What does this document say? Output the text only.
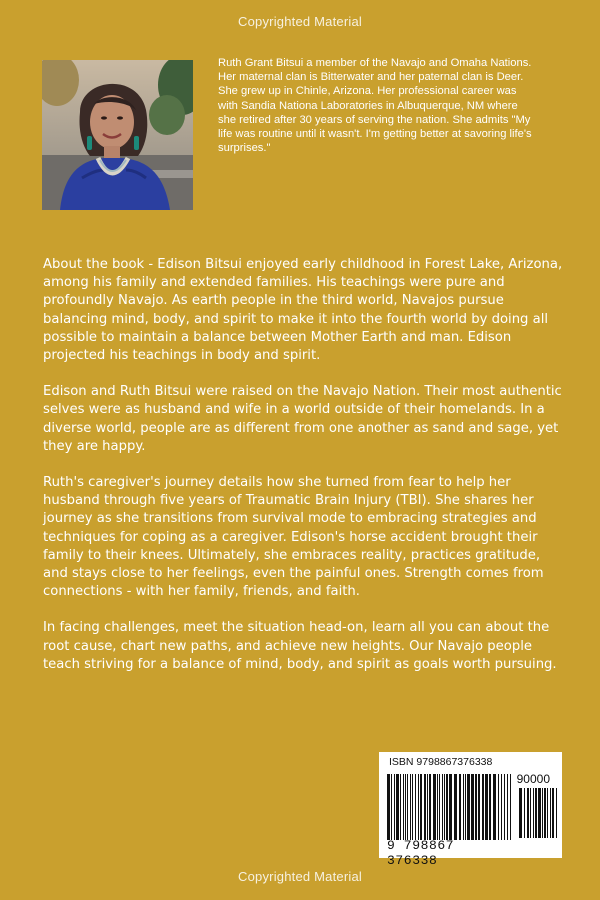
Copyrighted Material
Ruth Grant Bitsui a member of the Navajo and Omaha Nations. Her maternal clan is Bitterwater and her paternal clan is Deer. She grew up in Chinle, Arizona. Her professional career was with Sandia Nationa Laboratories in Albuquerque, NM where she retired after 30 years of serving the nation. She admits "My life was routine until it wasn't. I'm getting better at savoring life's surprises."

About the book - Edison Bitsui enjoyed early childhood in Forest Lake, Arizona, among his family and extended families. His teachings were pure and profoundly Navajo. As earth people in the third world, Navajos pursue balancing mind, body, and spirit to make it into the fourth world by doing all possible to maintain a balance between Mother Earth and man. Edison projected his teachings in body and spirit.

Edison and Ruth Bitsui were raised on the Navajo Nation. Their most authentic selves were as husband and wife in a world outside of their homelands. In a diverse world, people are as different from one another as sand and sage, yet they are happy.

Ruth's caregiver's journey details how she turned from fear to help her husband through five years of Traumatic Brain Injury (TBI). She shares her journey as she transitions from survival mode to embracing strategies and techniques for coping as a caregiver. Edison's horse accident brought their family to their knees. Ultimately, she embraces reality, practices gratitude, and stays close to her feelings, even the painful ones. Strength comes from connections - with her family, friends, and faith.

In facing challenges, meet the situation head-on, learn all you can about the root cause, chart new paths, and achieve new heights. Our Navajo people teach striving for a balance of mind, body, and spirit as goals worth pursuing.

ISBN 9798867376338
90000
9 798867 376338
Copyrighted Material
